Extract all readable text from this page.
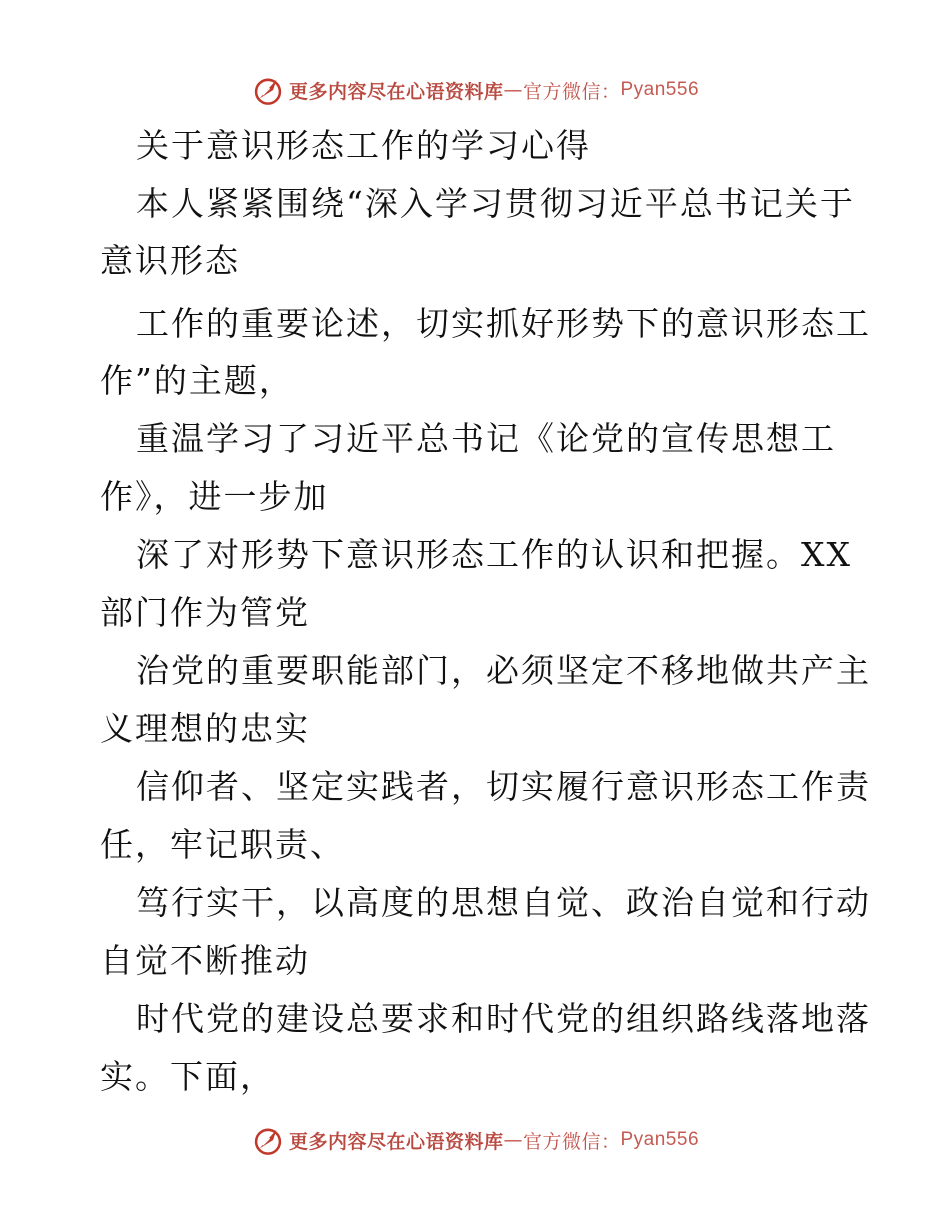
更多内容尽在心语资料库 — 官方微信： Pyan556
关于意识形态工作的学习心得
本人紧紧围绕“深入学习贯彻习近平总书记关于
意识形态
工作的重要论述，切实抓好形势下的意识形态工
作”的主题，
重温学习了习近平总书记《论党的宣传思想工
作》，进一步加
深了对形势下意识形态工作的认识和把握。XX
部门作为管党
治党的重要职能部门，必须坚定不移地做共产主
义理想的忠实
信仰者、坚定实践者，切实履行意识形态工作责
任，牢记职责、
笃行实干，以高度的思想自觉、政治自觉和行动
自觉不断推动
时代党的建设总要求和时代党的组织路线落地落
实。下面，
更多内容尽在心语资料库 — 官方微信： Pyan556
